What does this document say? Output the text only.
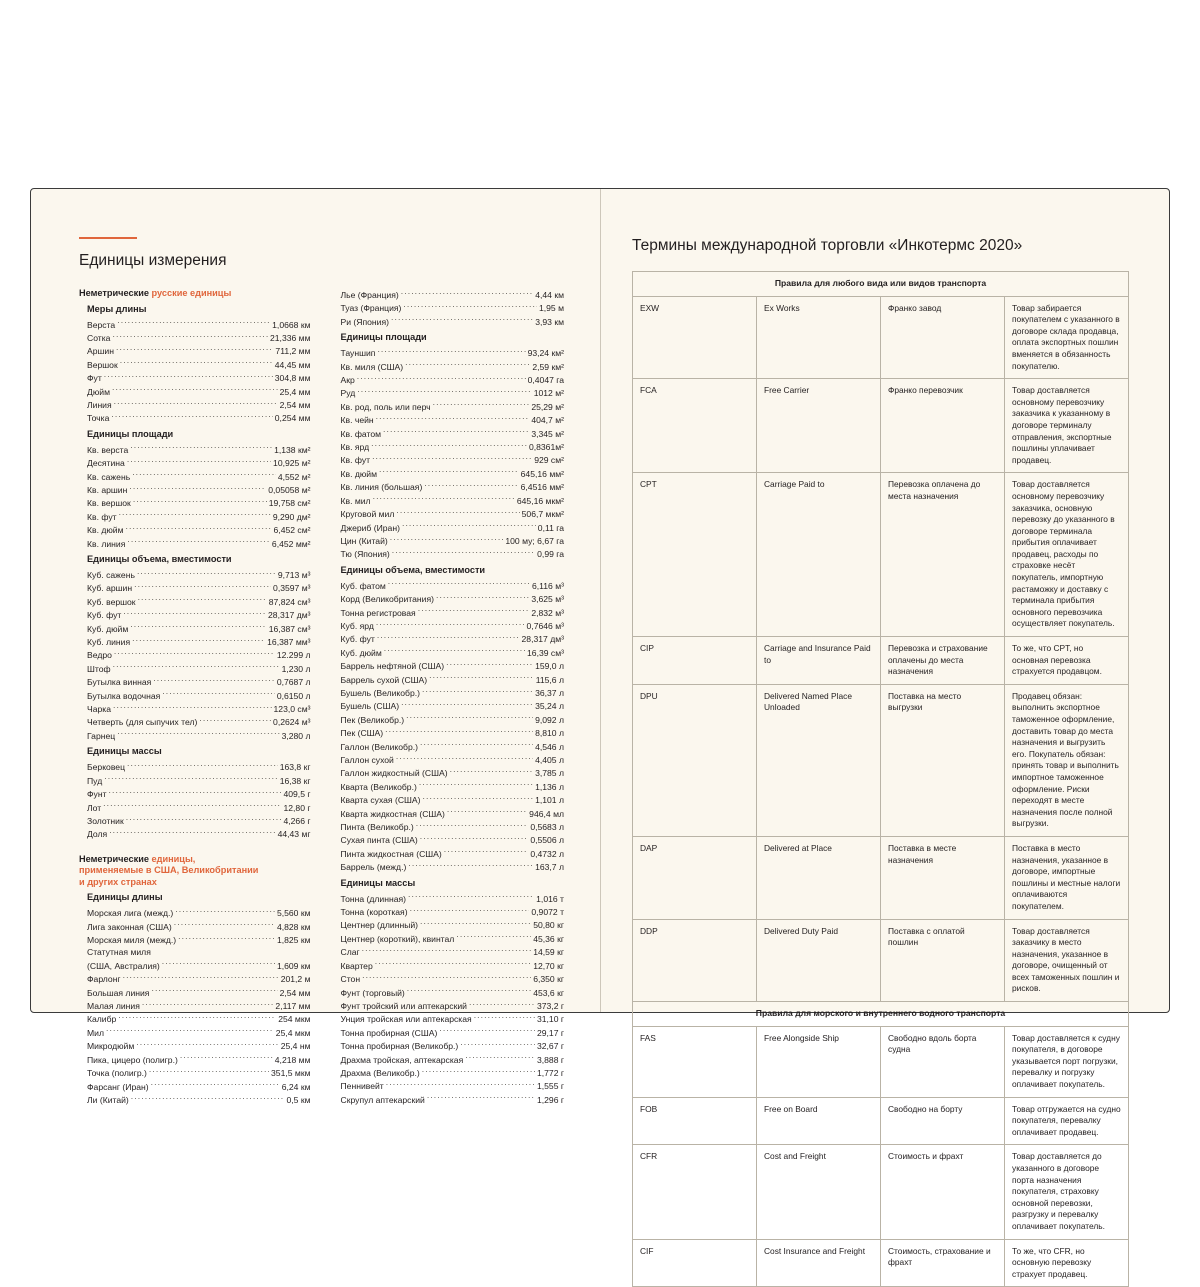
Единицы измерения
Неметрические русские единицы
Меры длины
Верста .....	1,0668 км
Сотка .....	21,336 мм
Аршин .....	711,2 мм
Вершок .....	44,45 мм
Фут .....	304,8 мм
Дюйм .....	25,4 мм
Линия .....	2,54 мм
Точка .....	0,254 мм
Единицы площади
Кв. верста .....	1,138 км²
Десятина .....	10,925 м²
Кв. сажень .....	4,552 м²
Кв. аршин .....	0,05058 м²
Кв. вершок .....	19,758 см²
Кв. фут .....	9,290 дм²
Кв. дюйм .....	6,452 см²
Кв. линия .....	6,452 мм²
Единицы объема, вместимости
Куб. сажень .....	9,713 м³
Куб. аршин .....	0,3597 м³
Куб. вершок .....	87,824 см³
Куб. фут .....	28,317 дм³
Куб. дюйм .....	16,387 см³
Куб. линия .....	16,387 мм³
Ведро .....	12.299 л
Штоф .....	1,230 л
Бутылка винная .....	0,7687 л
Бутылка водочная .....	0,6150 л
Чарка .....	123,0 см³
Четверть (для сыпучих тел) .....	0,2624 м³
Гарнец .....	3,280 л
Единицы массы
Берковец .....	163,8 кг
Пуд .....	16,38 кг
Фунт .....	409,5 г
Лот .....	12,80 г
Золотник .....	4,266 г
Доля .....	44,43 мг
Неметрические единицы,
применяемые в США, Великобритании
и других странах
Единицы длины
Морская лига (межд.) .....	5,560 км
Лига законная (США) .....	4,828 км
Морская миля (межд.) .....	1,825 км
Статутная миля
(США, Австралия) .....	1,609 км
Фарлонг .....	201,2 м
Большая линия .....	2,54 мм
Малая линия .....	2,117 мм
Калибр .....	254 мкм
Мил .....	25,4 мкм
Микродюйм .....	25,4 нм
Пика, цицеро (полигр.) .....	4,218 мм
Точка (полигр.) .....	351,5 мкм
Фарсанг (Иран) .....	6,24 км
Ли (Китай) .....	0,5 км
Лье (Франция) .....	4,44 км
Туаз (Франция) .....	1,95 м
Ри (Япония) .....	3,93 км
Единицы площади
Тауншип .....	93,24 км²
Кв. миля (США) .....	2,59 км²
Акр .....	0,4047 га
Руд .....	1012 м²
Кв. род, поль или перч .....	25,29 м²
Кв. чейн .....	404,7 м²
Кв. фатом .....	3,345 м²
Кв. ярд .....	0,8361м²
Кв. фут .....	929 см²
Кв. дюйм .....	645,16 мм²
Кв. линия (большая) .....	6,4516 мм²
Кв. мил .....	645,16 мкм²
Круговой мил .....	506,7 мкм²
Джериб (Иран) .....	0,11 га
Цин (Китай) .....	100 му; 6,67 га
Тю (Япония) .....	0,99 га
Единицы объема, вместимости
Куб. фатом .....	6,116 м³
Корд (Великобритания) .....	3,625 м³
Тонна регистровая .....	2,832 м³
Куб. ярд .....	0,7646 м³
Куб. фут .....	28,317 дм³
Куб. дюйм .....	16,39 см³
Баррель нефтяной (США) .....	159,0 л
Баррель сухой (США) .....	115,6 л
Бушель (Великобр.) .....	36,37 л
Бушель (США) .....	35,24 л
Пек (Великобр.) .....	9,092 л
Пек (США) .....	8,810 л
Галлон (Великобр.) .....	4,546 л
Галлон сухой .....	4,405 л
Галлон жидкостный (США) .....	3,785 л
Кварта (Великобр.) .....	1,136 л
Кварта сухая (США) .....	1,101 л
Кварта жидкостная (США) .....	946,4 мл
Пинта (Великобр.) .....	0,5683 л
Сухая пинта (США) .....	0,5506 л
Пинта жидкостная (США) .....	0,4732 л
Баррель (межд.) .....	163,7 л
Единицы массы
Тонна (длинная) .....	1,016 т
Тонна (короткая) .....	0,9072 т
Центнер (длинный) .....	50,80 кг
Центнер (короткий), квинтал .....	45,36 кг
Слаг .....	14,59 кг
Квартер .....	12,70 кг
Стон .....	6,350 кг
Фунт (торговый) .....	453,6 кг
Фунт тройский или аптекарский .....	373,2 г
Унция тройская или аптекарская .....	31,10 г
Тонна пробирная (США) .....	29,17 г
Тонна пробирная (Великобр.) .....	32,67 г
Драхма тройская, аптекарская .....	3,888 г
Драхма (Великобр.) .....	1,772 г
Пеннивейт .....	1,555 г
Скрупул аптекарский .....	1,296 г
Термины международной торговли «Инкотермс 2020»
Правила для любого вида или видов транспорта			
EXW	Ex Works	Франко завод	Товар забирается покупателем с указанного в договоре склада продавца, оплата экспортных пошлин вменяется в обязанность покупателю.
FCA	Free Carrier	Франко перевозчик	Товар доставляется основному перевозчику заказчика к указанному в договоре терминалу отправления, экспортные пошлины уплачивает продавец.
CPT	Carriage Paid to	Перевозка оплачена до места назначения	Товар доставляется основному перевозчику заказчика, основную перевозку до указанного в договоре терминала прибытия оплачивает продавец, расходы по страховке несёт покупатель, импортную растаможку и доставку с терминала прибытия основного перевозчика осуществляет покупатель.
CIP	Carriage and Insurance Paid to	Перевозка и страхование оплачены до места назначения	То же, что CPT, но основная перевозка страхуется продавцом.
DPU	Delivered Named Place Unloaded	Поставка на место выгрузки	Продавец обязан: выполнить экспортное таможенное оформление, доставить товар до места назначения и выгрузить его. Покупатель обязан: принять товар и выполнить импортное таможенное оформление. Риски переходят в месте назначения после полной выгрузки.
DAP	Delivered at Place	Поставка в месте назначения	Поставка в место назначения, указанное в договоре, импортные пошлины и местные налоги оплачиваются покупателем.
DDP	Delivered Duty Paid	Поставка с оплатой пошлин	Товар доставляется заказчику в место назначения, указанное в договоре, очищенный от всех таможенных пошлин и рисков.
Правила для морского и внутреннего водного транспорта			
FAS	Free Alongside Ship	Свободно вдоль борта судна	Товар доставляется к судну покупателя, в договоре указывается порт погрузки, перевалку и погрузку оплачивает покупатель.
FOB	Free on Board	Свободно на борту	Товар отгружается на судно покупателя, перевалку оплачивает продавец.
CFR	Cost and Freight	Стоимость и фрахт	Товар доставляется до указанного в договоре порта назначения покупателя, страховку основной перевозки, разгрузку и перевалку оплачивает покупатель.
CIF	Cost Insurance and Freight	Стоимость, страхование и фрахт	То же, что CFR, но основную перевозку страхует продавец.
